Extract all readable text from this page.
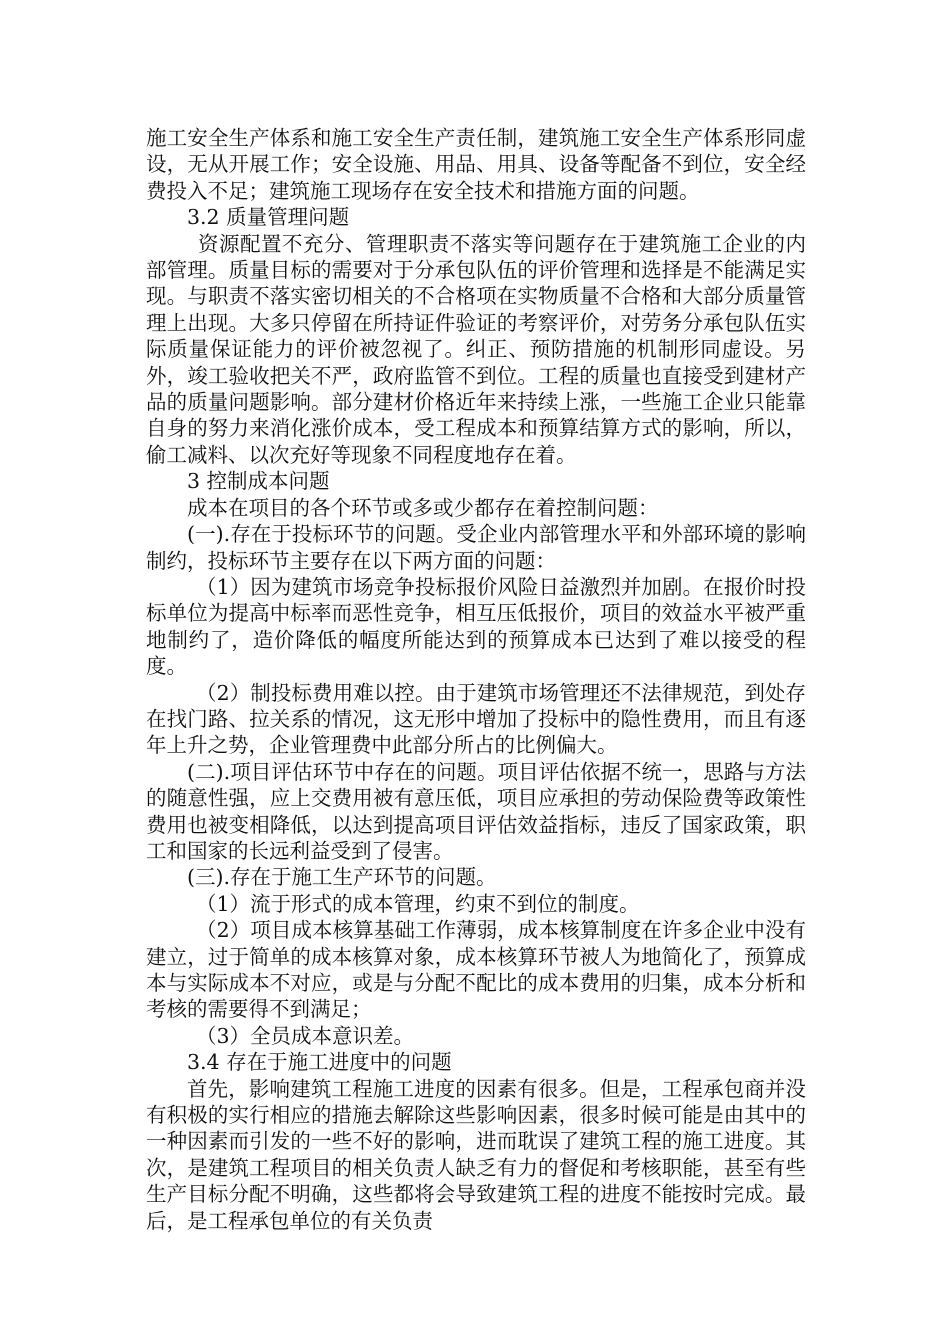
施工安全生产体系和施工安全生产责任制，建筑施工安全生产体系形同虚设，无从开展工作；安全设施、用品、用具、设备等配备不到位，安全经费投入不足；建筑施工现场存在安全技术和措施方面的问题。

3.2 质量管理问题

资源配置不充分、管理职责不落实等问题存在于建筑施工企业的内部管理。质量目标的需要对于分承包队伍的评价管理和选择是不能满足实现。与职责不落实密切相关的不合格项在实物质量不合格和大部分质量管理上出现。大多只停留在所持证件验证的考察评价，对劳务分承包队伍实际质量保证能力的评价被忽视了。纠正、预防措施的机制形同虚设。另外，竣工验收把关不严，政府监管不到位。工程的质量也直接受到建材产品的质量问题影响。部分建材价格近年来持续上涨，一些施工企业只能靠自身的努力来消化涨价成本，受工程成本和预算结算方式的影响，所以，偷工减料、以次充好等现象不同程度地存在着。

3 控制成本问题

成本在项目的各个环节或多或少都存在着控制问题：

(一).存在于投标环节的问题。受企业内部管理水平和外部环境的影响制约，投标环节主要存在以下两方面的问题：

（1）因为建筑市场竞争投标报价风险日益激烈并加剧。在报价时投标单位为提高中标率而恶性竞争，相互压低报价，项目的效益水平被严重地制约了，造价降低的幅度所能达到的预算成本已达到了难以接受的程度。

（2）制投标费用难以控。由于建筑市场管理还不法律规范，到处存在找门路、拉关系的情况，这无形中增加了投标中的隐性费用，而且有逐年上升之势，企业管理费中此部分所占的比例偏大。

(二).项目评估环节中存在的问题。项目评估依据不统一，思路与方法的随意性强，应上交费用被有意压低，项目应承担的劳动保险费等政策性费用也被变相降低，以达到提高项目评估效益指标，违反了国家政策，职工和国家的长远利益受到了侵害。

(三).存在于施工生产环节的问题。

（1）流于形式的成本管理，约束不到位的制度。

（2）项目成本核算基础工作薄弱，成本核算制度在许多企业中没有建立，过于简单的成本核算对象，成本核算环节被人为地简化了，预算成本与实际成本不对应，或是与分配不配比的成本费用的归集，成本分析和考核的需要得不到满足；

（3）全员成本意识差。

3.4 存在于施工进度中的问题

首先，影响建筑工程施工进度的因素有很多。但是，工程承包商并没有积极的实行相应的措施去解除这些影响因素，很多时候可能是由其中的一种因素而引发的一些不好的影响，进而耽误了建筑工程的施工进度。其次，是建筑工程项目的相关负责人缺乏有力的督促和考核职能，甚至有些生产目标分配不明确，这些都将会导致建筑工程的进度不能按时完成。最后，是工程承包单位的有关负责
